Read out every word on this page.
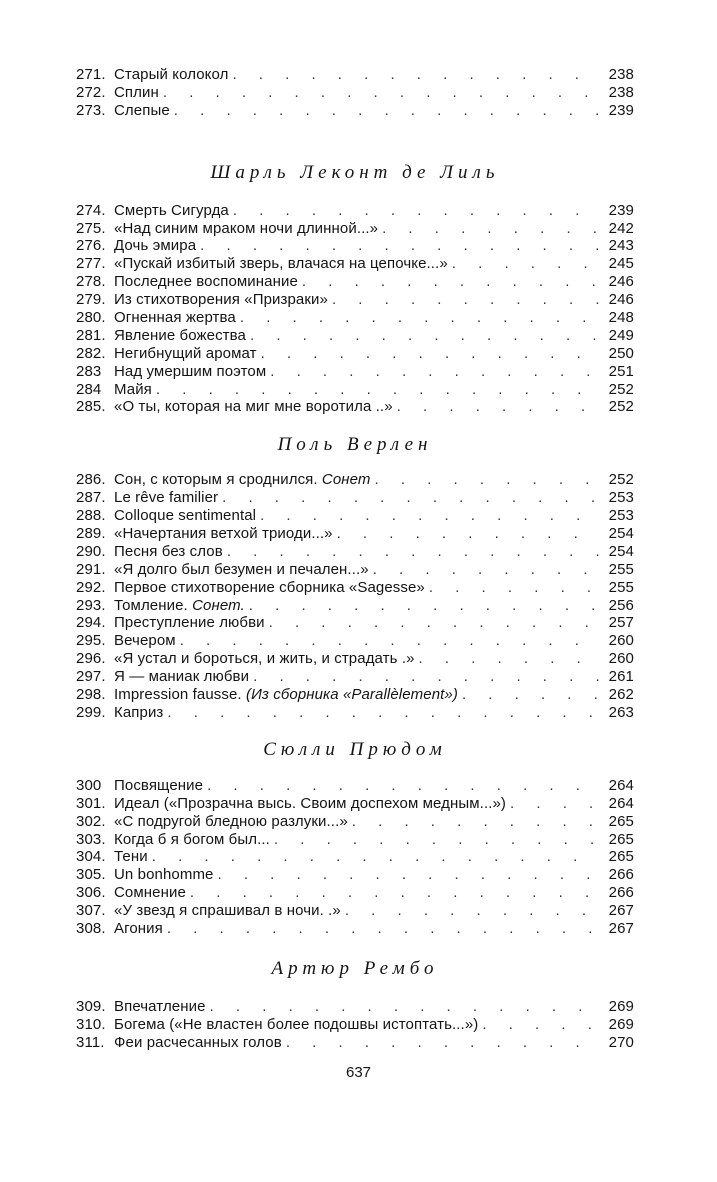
271. Старый колокол . . .	238
272. Сплин . . .	238
273. Слепые . . .	239
Шарль Леконт де Лиль
274. Смерть Сигурда . . .	239
275. «Над синим мраком ночи длинной...» . . .	242
276. Дочь эмира . . .	243
277. «Пускай избитый зверь, влачася на цепочке...» . . .	245
278. Последнее воспоминание . . .	246
279. Из стихотворения «Призраки» . . .	246
280. Огненная жертва . . .	248
281. Явление божества . . .	249
282. Негибнущий аромат . . .	250
283 Над умершим поэтом . . .	251
284 Майя . . .	252
285. «О ты, которая на миг мне воротила ..» . . .	252
Поль Верлен
286. Сон, с которым я сроднился. Сонет . . .	252
287. Le rêve familier . . .	253
288. Colloque sentimental . . .	253
289. «Начертания ветхой триоди...» . . .	254
290. Песня без слов . . .	254
291. «Я долго был безумен и печален...» . . .	255
292. Первое стихотворение сборника «Sagesse» . . .	255
293. Томление. Сонет. . . .	256
294. Преступление любви . . .	257
295. Вечером . . .	260
296. «Я устал и бороться, и жить, и страдать .» . . .	260
297. Я — маниак любви . . .	261
298. Impression fausse. (Из сборника «Parallèlement») . . .	262
299. Каприз . . .	263
Сюлли Прюдом
300 Посвящение . . .	264
301. Идеал («Прозрачна высь. Своим доспехом медным...») . . .	264
302. «С подругой бледною разлуки...» . . .	265
303. Когда б я богом был... . . .	265
304. Тени . . .	265
305. Un bonhomme . . .	266
306. Сомнение . . .	266
307. «У звезд я спрашивал в ночи. .» . . .	267
308. Агония . . .	267
Артюр Рембо
309. Впечатление . . .	269
310. Богема («Не властен более подошвы истоптать...») . . .	269
311. Феи расчесанных голов . . .	270
637
